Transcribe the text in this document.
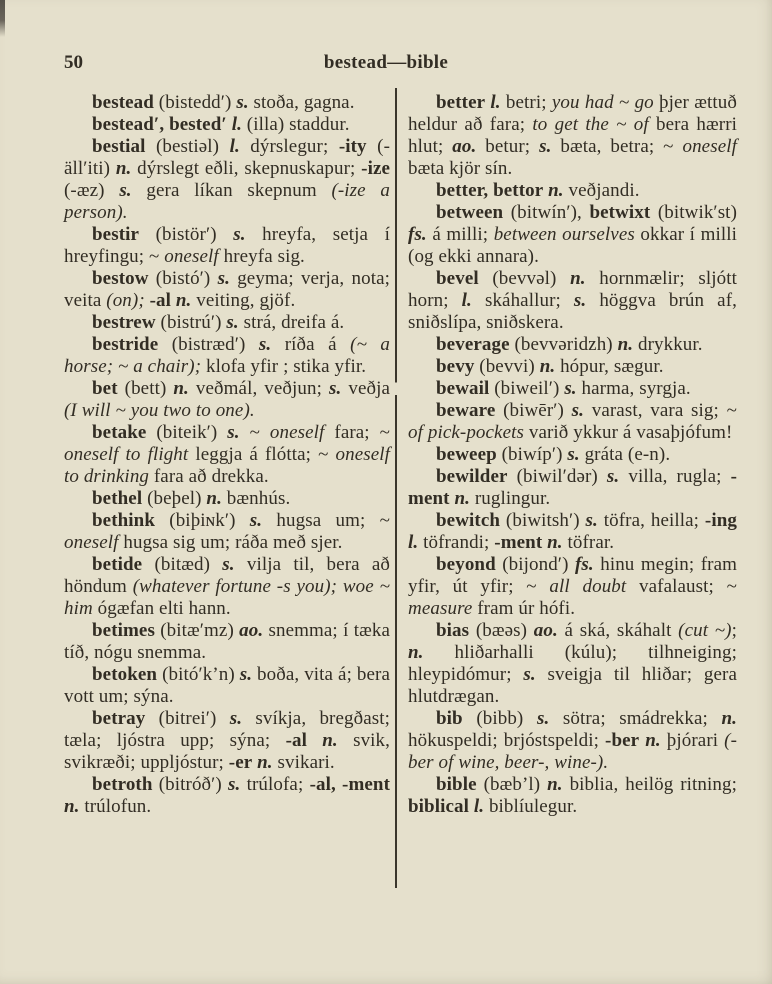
50	bestead—bible

bestead (bistedd′) s. stoða, gagna.

bestead′, bested′ l. (illa) staddur.

bestial (bestiəl) l. dýrslegur; -ity (-äll′iti) n. dýrslegt eðli, skepnuskapur; -ize (-æz) s. gera líkan skepnum (-ize a person).

bestir (bistör′) s. hreyfa, setja í hreyfingu; ~ oneself hreyfa sig.

bestow (bistó′) s. geyma; verja, nota; veita (on); -al n. veiting, gjöf.

bestrew (bistrú′) s. strá, dreifa á.

bestride (bistræd′) s. ríða á (~ a horse; ~ a chair); klofa yfir ; stika yfir.

bet (bett) n. veðmál, veðjun; s. veðja (I will ~ you two to one).

betake (biteik′) s. ~ oneself fara; ~ oneself to flight leggja á flótta; ~ oneself to drinking fara að drekka.

bethel (beþel) n. bænhús.

bethink (biþiɴk′) s. hugsa um; ~ oneself hugsa sig um; ráða með sjer.

betide (bitæd) s. vilja til, bera að höndum (whatever fortune -s you); woe ~ him ógæfan elti hann.

betimes (bitæ′mz) ao. snemma; í tæka tíð, nógu snemma.

betoken (bitó′k’n) s. boða, vita á; bera vott um; sýna.

betray (bitrei′) s. svíkja, bregðast; tæla; ljóstra upp; sýna; -al n. svik, svikræði; uppljóstur; -er n. svikari.

betroth (bitróð′) s. trúlofa; -al, -ment n. trúlofun.

better l. betri; you had ~ go þjer ættuð heldur að fara; to get the ~ of bera hærri hlut; ao. betur; s. bæta, betra; ~ oneself bæta kjör sín.

better, bettor n. veðjandi.

between (bitwín′), betwixt (bitwik′st) fs. á milli; between ourselves okkar í milli (og ekki annara).

bevel (bevvəl) n. hornmælir; sljótt horn; l. skáhallur; s. höggva brún af, sniðslípa, sniðskera.

beverage (bevvəridzh) n. drykkur.

bevy (bevvi) n. hópur, sægur.

bewail (biweil′) s. harma, syrgja.

beware (biwēr′) s. varast, vara sig; ~ of pick-pockets varið ykkur á vasaþjófum!

beweep (biwíp′) s. gráta (e-n).

bewilder (biwil′dər) s. villa, rugla; -ment n. ruglingur.

bewitch (biwitsh′) s. töfra, heilla; -ing l. töfrandi; -ment n. töfrar.

beyond (bijond′) fs. hinu megin; fram yfir, út yfir; ~ all doubt vafalaust; ~ measure fram úr hófi.

bias (bæəs) ao. á ská, skáhalt (cut ~); n. hliðarhalli (kúlu); tilhneiging; hleypidómur; s. sveigja til hliðar; gera hlutdrægan.

bib (bibb) s. sötra; smádrekka; n. hökuspeldi; brjóstspeldi; -ber n. þjórari (-ber of wine, beer-, wine-).

bible (bæb’l) n. biblia, heilög ritning; biblical l. biblíulegur.
